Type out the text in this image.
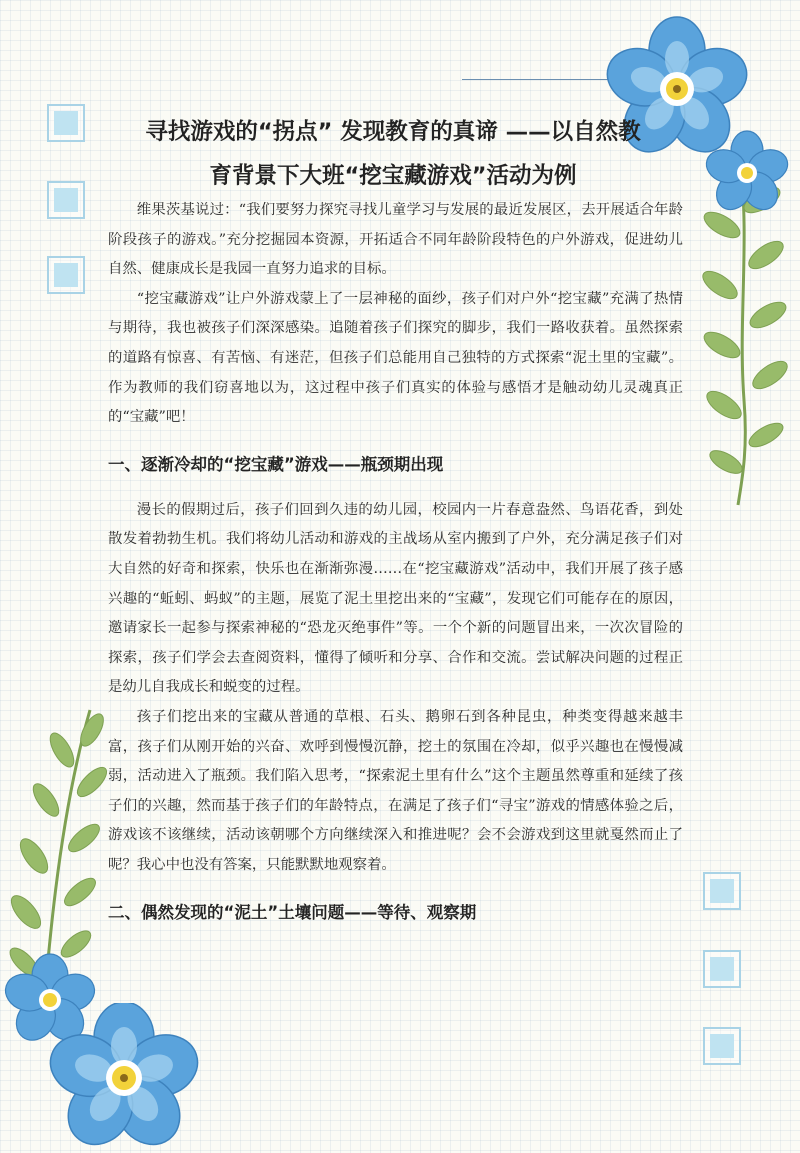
寻找游戏的“拐点” 发现教育的真谛 ——以自然教
育背景下大班“挖宝藏游戏”活动为例

维果茨基说过：“我们要努力探究寻找儿童学习与发展的最近发展区，去开展适合年龄阶段孩子的游戏。”充分挖掘园本资源，开拓适合不同年龄阶段特色的户外游戏，促进幼儿自然、健康成长是我园一直努力追求的目标。

“挖宝藏游戏”让户外游戏蒙上了一层神秘的面纱，孩子们对户外“挖宝藏”充满了热情与期待，我也被孩子们深深感染。追随着孩子们探究的脚步，我们一路收获着。虽然探索的道路有惊喜、有苦恼、有迷茫，但孩子们总能用自己独特的方式探索“泥土里的宝藏”。作为教师的我们窃喜地以为，这过程中孩子们真实的体验与感悟才是触动幼儿灵魂真正的“宝藏”吧！

一、逐渐冷却的“挖宝藏”游戏——瓶颈期出现

漫长的假期过后，孩子们回到久违的幼儿园，校园内一片春意盎然、鸟语花香，到处散发着勃勃生机。我们将幼儿活动和游戏的主战场从室内搬到了户外，充分满足孩子们对大自然的好奇和探索，快乐也在渐渐弥漫……在“挖宝藏游戏”活动中，我们开展了孩子感兴趣的“蚯蚓、蚂蚁”的主题，展览了泥土里挖出来的“宝藏”，发现它们可能存在的原因，邀请家长一起参与探索神秘的“恐龙灭绝事件”等。一个个新的问题冒出来，一次次冒险的探索，孩子们学会去查阅资料，懂得了倾听和分享、合作和交流。尝试解决问题的过程正是幼儿自我成长和蜕变的过程。

孩子们挖出来的宝藏从普通的草根、石头、鹅卵石到各种昆虫，种类变得越来越丰富，孩子们从刚开始的兴奋、欢呼到慢慢沉静，挖土的氛围在冷却，似乎兴趣也在慢慢减弱，活动进入了瓶颈。我们陷入思考，“探索泥土里有什么”这个主题虽然尊重和延续了孩子们的兴趣，然而基于孩子们的年龄特点，在满足了孩子们“寻宝”游戏的情感体验之后，游戏该不该继续，活动该朝哪个方向继续深入和推进呢？会不会游戏到这里就戛然而止了呢？我心中也没有答案，只能默默地观察着。

二、偶然发现的“泥土”土壤问题——等待、观察期
